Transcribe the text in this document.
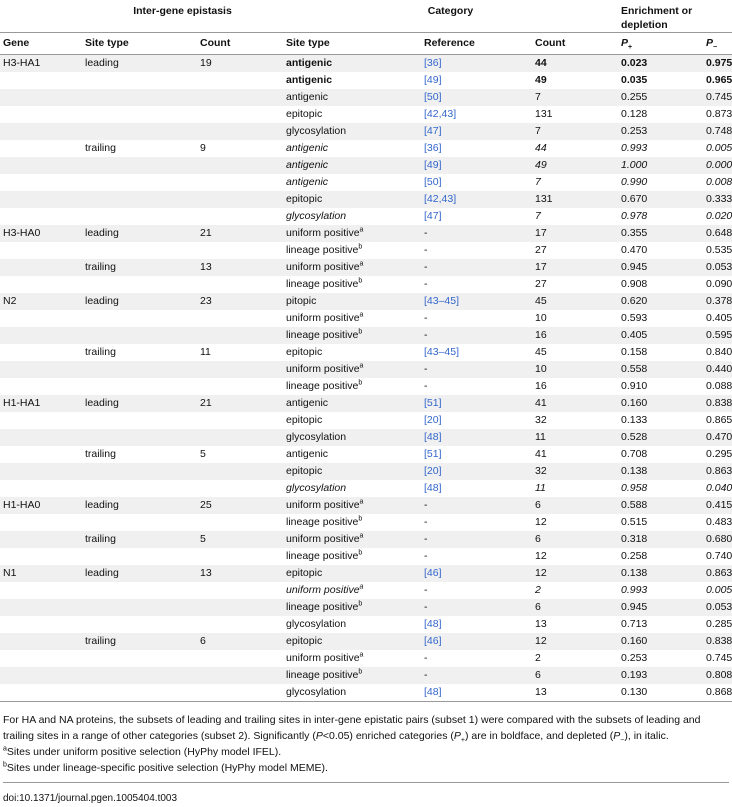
	Inter-gene epistasis		Category			Enrichment or depletion	
Gene	Site type	Count	Site type	Reference	Count	$P_+$	$P_-$
H3-HA1	leading	19	antigenic	[36]	44	0.023	0.975
			antigenic	[49]	49	0.035	0.965
			antigenic	[50]	7	0.255	0.745
			epitopic	[42,43]	131	0.128	0.873
			glycosylation	[47]	7	0.253	0.748
	trailing	9	antigenic	[36]	44	0.993	0.005
			antigenic	[49]	49	1.000	0.000
			antigenic	[50]	7	0.990	0.008
			epitopic	[42,43]	131	0.670	0.333
			glycosylation	[47]	7	0.978	0.020
H3-HA0	leading	21	uniform positive$^a$	-	17	0.355	0.648
			lineage positive$^b$	-	27	0.470	0.535
	trailing	13	uniform positive$^a$	-	17	0.945	0.053
			lineage positive$^b$	-	27	0.908	0.090
N2	leading	23	pitopic	[43–45]	45	0.620	0.378
			uniform positive$^a$	-	10	0.593	0.405
			lineage positive$^b$	-	16	0.405	0.595
	trailing	11	epitopic	[43–45]	45	0.158	0.840
			uniform positive$^a$	-	10	0.558	0.440
			lineage positive$^b$	-	16	0.910	0.088
H1-HA1	leading	21	antigenic	[51]	41	0.160	0.838
			epitopic	[20]	32	0.133	0.865
			glycosylation	[48]	11	0.528	0.470
	trailing	5	antigenic	[51]	41	0.708	0.295
			epitopic	[20]	32	0.138	0.863
			glycosylation	[48]	11	0.958	0.040
H1-HA0	leading	25	uniform positive$^a$	-	6	0.588	0.415
			lineage positive$^b$	-	12	0.515	0.483
	trailing	5	uniform positive$^a$	-	6	0.318	0.680
			lineage positive$^b$	-	12	0.258	0.740
N1	leading	13	epitopic	[46]	12	0.138	0.863
			uniform positive$^a$	-	2	0.993	0.005
			lineage positive$^b$	-	6	0.945	0.053
			glycosylation	[48]	13	0.713	0.285
	trailing	6	epitopic	[46]	12	0.160	0.838
			uniform positive$^a$	-	2	0.253	0.745
			lineage positive$^b$	-	6	0.193	0.808
			glycosylation	[48]	13	0.130	0.868

For HA and NA proteins, the subsets of leading and trailing sites in inter-gene epistatic pairs (subset 1) were compared with the subsets of leading and trailing sites in a range of other categories (subset 2). Significantly (P<0.05) enriched categories $(P_+)$ are in boldface, and depleted $(P_-)$, in italic.

$^a$Sites under uniform positive selection (HyPhy model IFEL).

$^b$Sites under lineage-specific positive selection (HyPhy model MEME).

doi:10.1371/journal.pgen.1005404.t003
